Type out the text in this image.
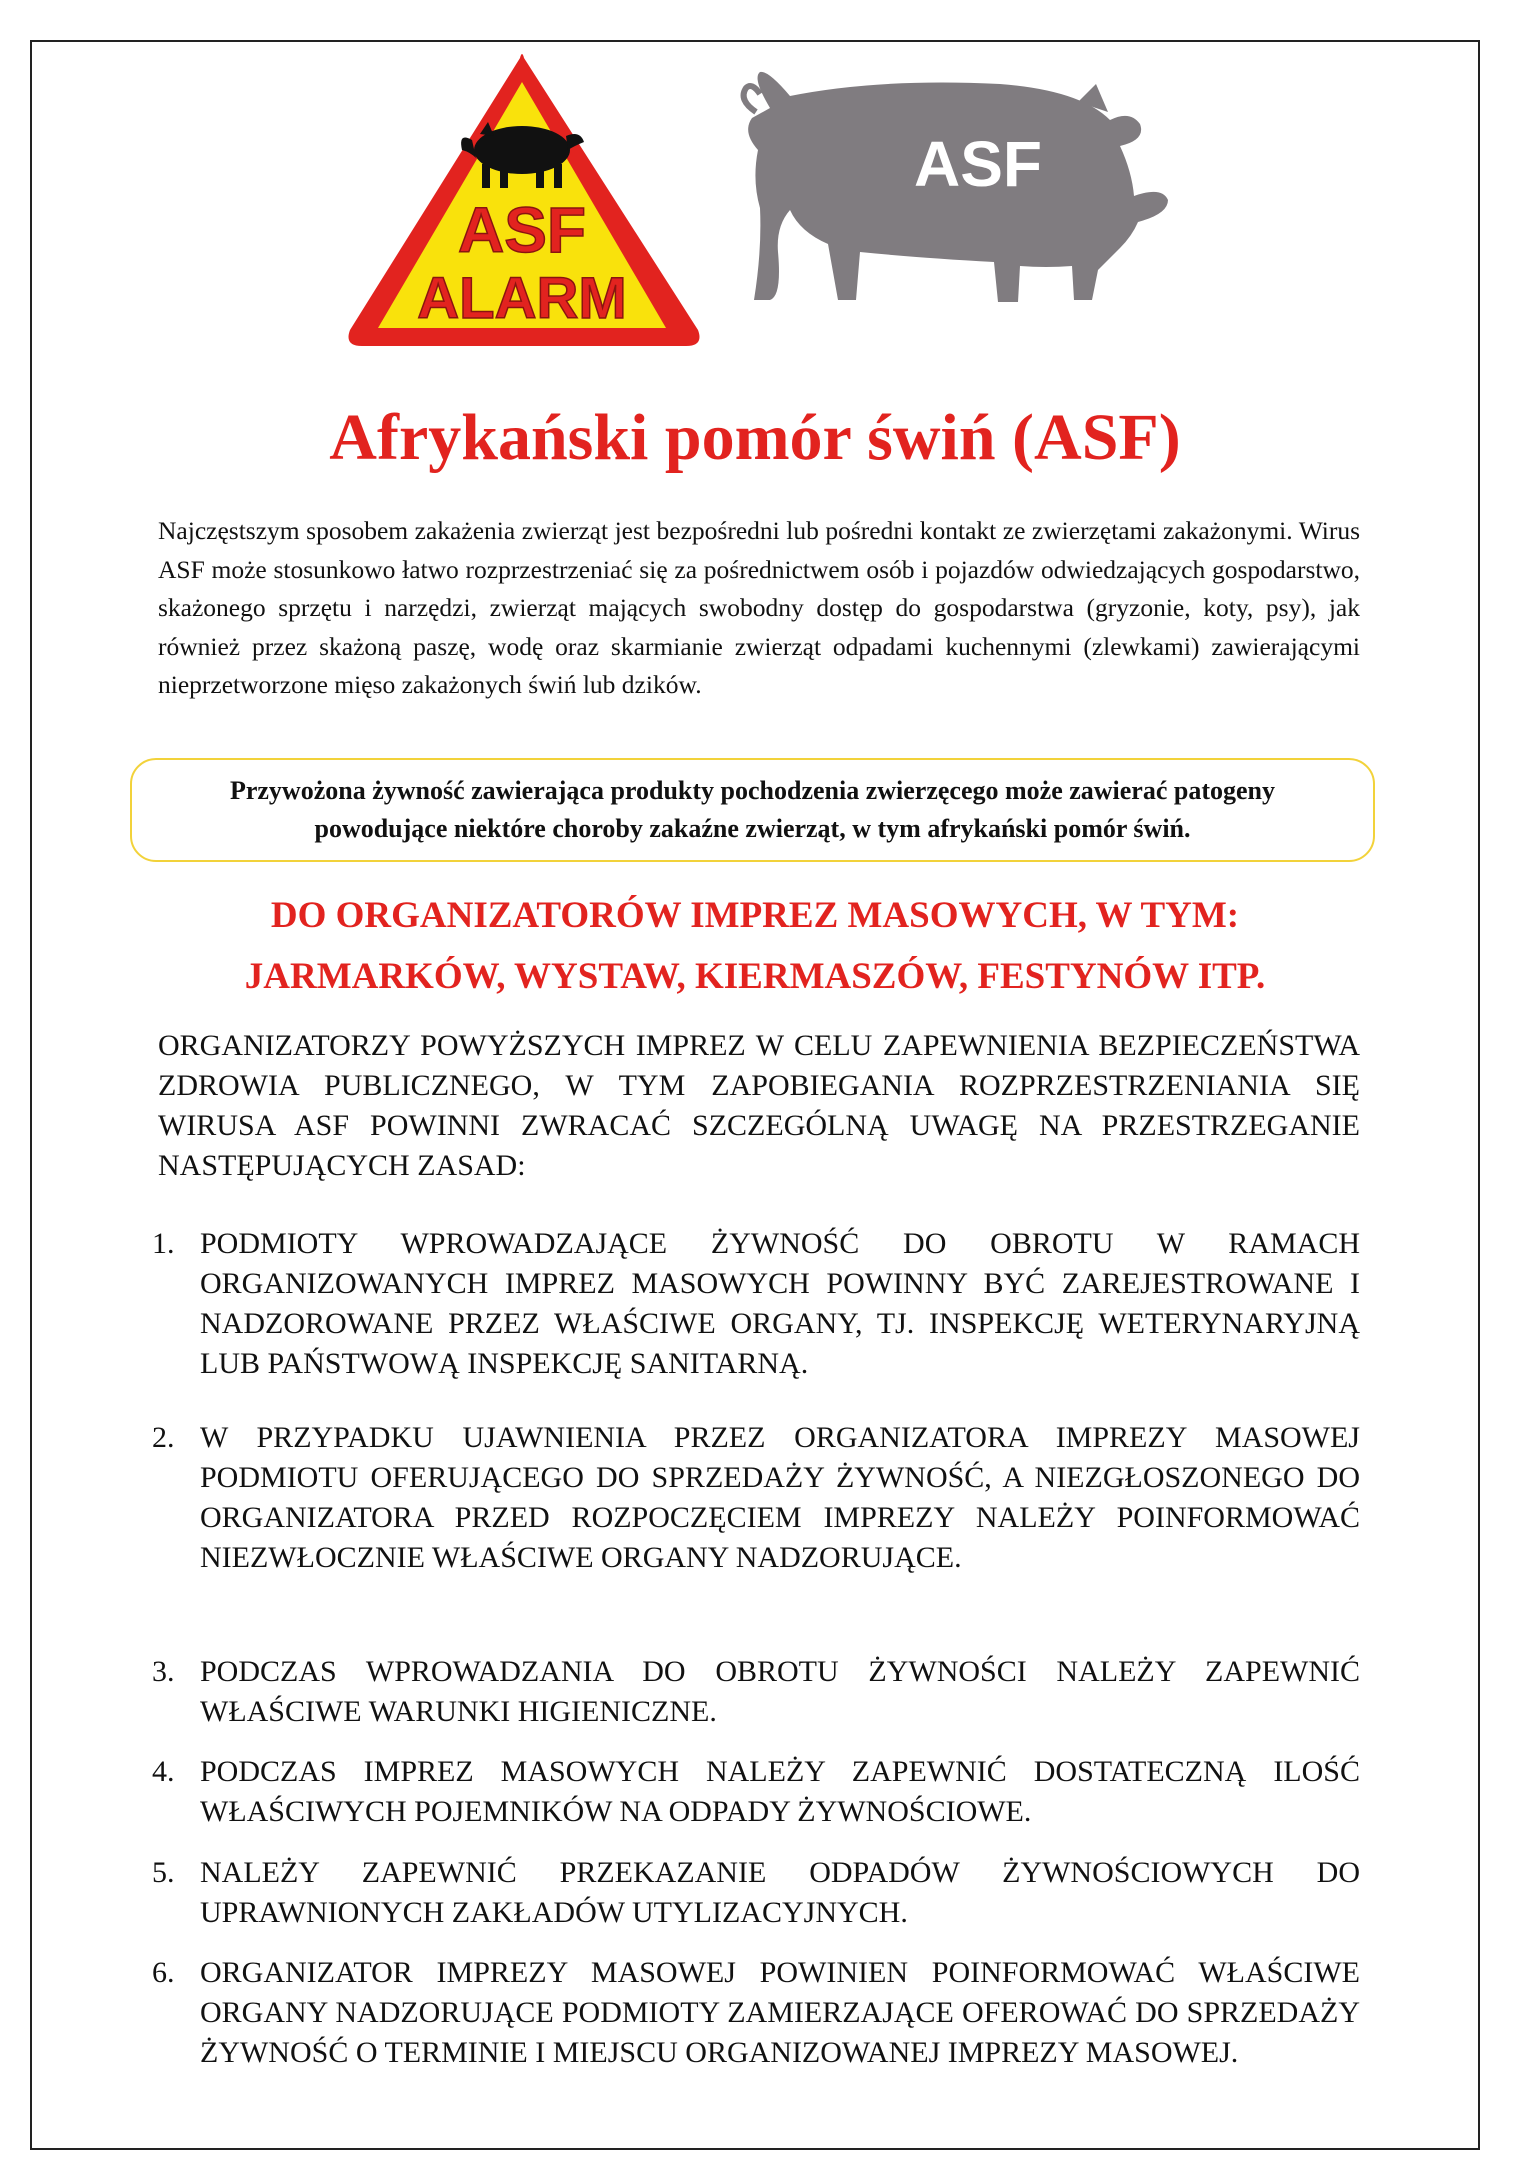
ASF
ALARM
ASF
Afrykański pomór świń (ASF)

Najczęstszym sposobem zakażenia zwierząt jest bezpośredni lub pośredni kontakt ze zwierzętami zakażonymi. Wirus ASF może stosunkowo łatwo rozprzestrzeniać się za pośrednictwem osób i pojazdów odwiedzających gospodarstwo, skażonego sprzętu i narzędzi, zwierząt mających swobodny dostęp do gospodarstwa (gryzonie, koty, psy), jak również przez skażoną paszę, wodę oraz skarmianie zwierząt odpadami kuchennymi (zlewkami) zawierającymi nieprzetworzone mięso zakażonych świń lub dzików.

Przywożona żywność zawierająca produkty pochodzenia zwierzęcego może zawierać patogeny powodujące niektóre choroby zakaźne zwierząt, w tym afrykański pomór świń.
DO ORGANIZATORÓW IMPREZ MASOWYCH, W TYM:
JARMARKÓW, WYSTAW, KIERMASZÓW, FESTYNÓW ITP.

ORGANIZATORZY POWYŻSZYCH IMPREZ W CELU ZAPEWNIENIA BEZPIECZEŃSTWA ZDROWIA PUBLICZNEGO, W TYM ZAPOBIEGANIA ROZPRZESTRZENIANIA SIĘ WIRUSA ASF POWINNI ZWRACAĆ SZCZEGÓLNĄ UWAGĘ NA PRZESTRZEGANIE NASTĘPUJĄCYCH ZASAD:

1. PODMIOTY WPROWADZAJĄCE ŻYWNOŚĆ DO OBROTU W RAMACH ORGANIZOWANYCH IMPREZ MASOWYCH POWINNY BYĆ ZAREJESTROWANE I NADZOROWANE PRZEZ WŁAŚCIWE ORGANY, TJ. INSPEKCJĘ WETERYNARYJNĄ LUB PAŃSTWOWĄ INSPEKCJĘ SANITARNĄ.
2. W PRZYPADKU UJAWNIENIA PRZEZ ORGANIZATORA IMPREZY MASOWEJ PODMIOTU OFERUJĄCEGO DO SPRZEDAŻY ŻYWNOŚĆ, A NIEZGŁOSZONEGO DO ORGANIZATORA PRZED ROZPOCZĘCIEM IMPREZY NALEŻY POINFORMOWAĆ NIEZWŁOCZNIE WŁAŚCIWE ORGANY NADZORUJĄCE.
3. PODCZAS WPROWADZANIA DO OBROTU ŻYWNOŚCI NALEŻY ZAPEWNIĆ WŁAŚCIWE WARUNKI HIGIENICZNE.
4. PODCZAS IMPREZ MASOWYCH NALEŻY ZAPEWNIĆ DOSTATECZNĄ ILOŚĆ WŁAŚCIWYCH POJEMNIKÓW NA ODPADY ŻYWNOŚCIOWE.
5. NALEŻY ZAPEWNIĆ PRZEKAZANIE ODPADÓW ŻYWNOŚCIOWYCH DO UPRAWNIONYCH ZAKŁADÓW UTYLIZACYJNYCH.
6. ORGANIZATOR IMPREZY MASOWEJ POWINIEN POINFORMOWAĆ WŁAŚCIWE ORGANY NADZORUJĄCE PODMIOTY ZAMIERZAJĄCE OFEROWAĆ DO SPRZEDAŻY ŻYWNOŚĆ O TERMINIE I MIEJSCU ORGANIZOWANEJ IMPREZY MASOWEJ.
